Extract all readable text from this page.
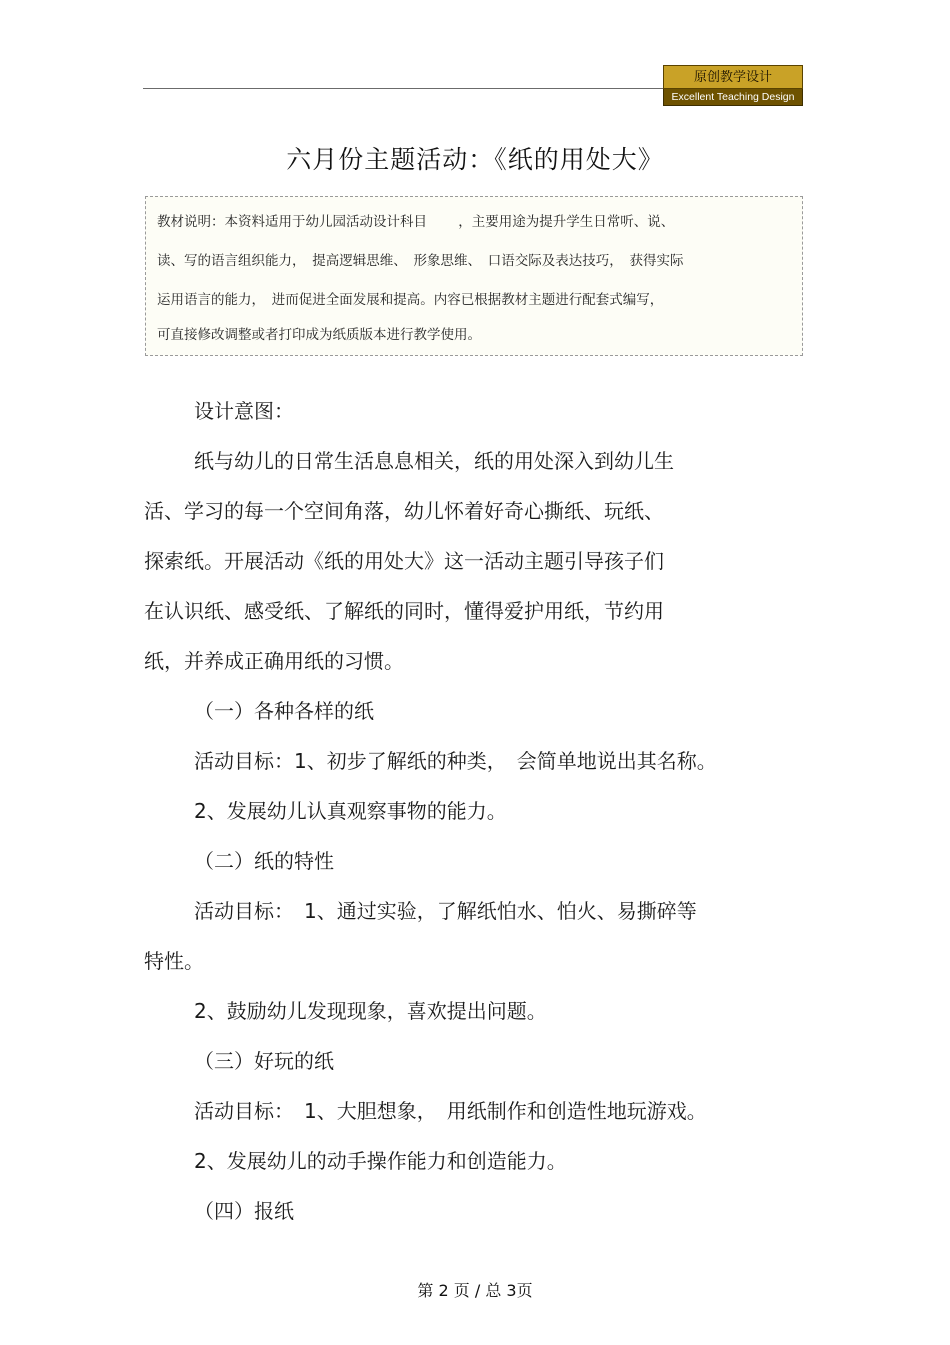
原创教学设计
Excellent Teaching Design
六月份主题活动：《纸的用处大》
教材说明：本资料适用于幼儿园活动设计科目　　 ，主要用途为提升学生日常听、说、
读、写的语言组织能力，　提高逻辑思维、　形象思维、　口语交际及表达技巧，　获得实际
运用语言的能力，　进而促进全面发展和提高。内容已根据教材主题进行配套式编写，
可直接修改调整或者打印成为纸质版本进行教学使用。
设计意图：
纸与幼儿的日常生活息息相关，纸的用处深入到幼儿生
活、学习的每一个空间角落，幼儿怀着好奇心撕纸、玩纸、
探索纸。开展活动《纸的用处大》这一活动主题引导孩子们
在认识纸、感受纸、了解纸的同时，懂得爱护用纸，节约用
纸，并养成正确用纸的习惯。
（一）各种各样的纸
活动目标：1、初步了解纸的种类，　会简单地说出其名称。
2、发展幼儿认真观察事物的能力。
（二）纸的特性
活动目标：　1、通过实验，了解纸怕水、怕火、易撕碎等
特性。
2、鼓励幼儿发现现象，喜欢提出问题。
（三）好玩的纸
活动目标：　1、大胆想象，　用纸制作和创造性地玩游戏。
2、发展幼儿的动手操作能力和创造能力。
（四）报纸
第 2 页 / 总 3页
